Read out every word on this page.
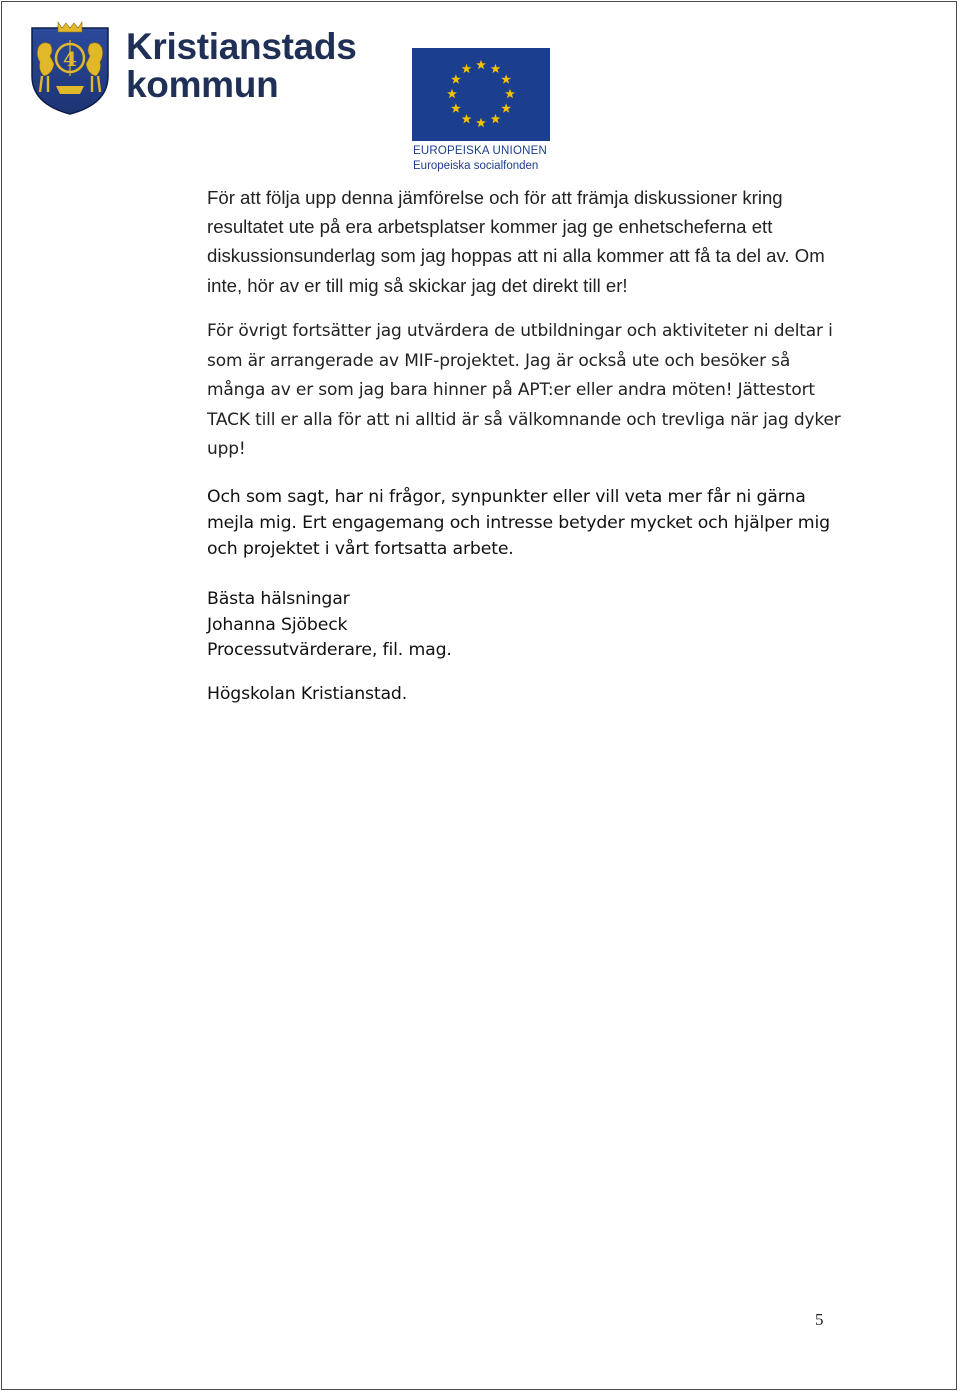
4 Kristianstads
kommun
EUROPEISKA UNIONEN
Europeiska socialfonden
För att följa upp denna jämförelse och för att främja diskussioner kring resultatet ute på era arbetsplatser kommer jag ge enhetscheferna ett diskussionsunderlag som jag hoppas att ni alla kommer att få ta del av. Om inte, hör av er till mig så skickar jag det direkt till er!
För övrigt fortsätter jag utvärdera de utbildningar och aktiviteter ni deltar i som är arrangerade av MIF-projektet. Jag är också ute och besöker så många av er som jag bara hinner på APT:er eller andra möten! Jättestort TACK till er alla för att ni alltid är så välkomnande och trevliga när jag dyker upp!
Och som sagt, har ni frågor, synpunkter eller vill veta mer får ni gärna mejla mig. Ert engagemang och intresse betyder mycket och hjälper mig och projektet i vårt fortsatta arbete.
Bästa hälsningar
Johanna Sjöbeck
Processutvärderare, fil. mag.
Högskolan Kristianstad.
5
